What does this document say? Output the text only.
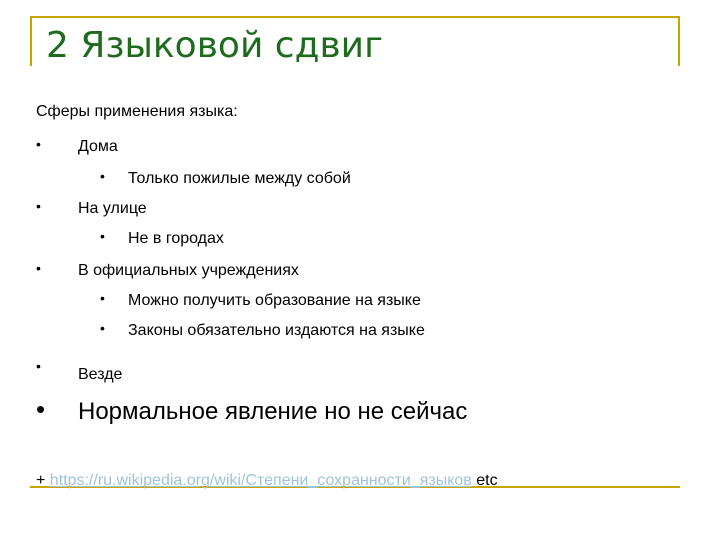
2 Языковой сдвиг
Сферы применения языка:
• Дома
• Только пожилые между собой
• На улице
• Не в городах
• В официальных учреждениях
• Можно получить образование на языке
• Законы обязательно издаются на языке
• Везде
• Нормальное явление но не сейчас
+ https://ru.wikipedia.org/wiki/Степени_сохранности_языков etc
